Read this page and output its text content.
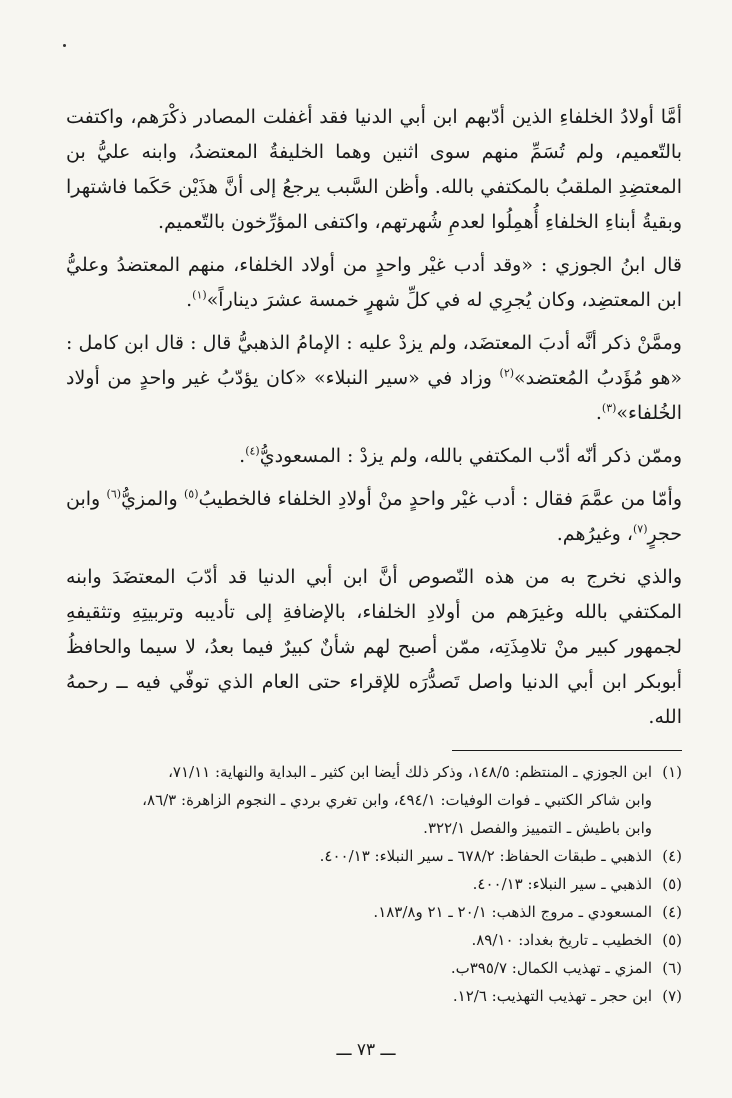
أمَّا أولادُ الخلفاءِ الذين أدّبهم ابن أبي الدنيا فقد أغفلت المصادر ذكْرَهم، واكتفت بالتّعميم، ولم تُسَمِّ منهم سوى اثنين وهما الخليفةُ المعتضدُ، وابنه عليُّ بن المعتضِدِ الملقبُ بالمكتفي بالله. وأظن السَّبب يرجعُ إلى أنَّ هذَيْن حَكَما فاشتهرا وبقيةُ أبناءِ الخلفاءِ أُهمِلُوا لعدمِ شُهرتهم، واكتفى المؤرِّخون بالتّعميم.

قال ابنُ الجوزي : «وقد أدب غيْر واحدٍ من أولاد الخلفاء، منهم المعتضدُ وعليُّ ابن المعتضِد، وكان يُجرِي له في كلِّ شهرٍ خمسة عشرَ ديناراً»$^{(١)}$.

وممَّنْ ذكر أنَّه أدبَ المعتضَد، ولم يزدْ عليه : الإمامُ الذهبيُّ قال : قال ابن كامل : «هو مُؤَدبُ المُعتضد»$^{(٢)}$ وزاد في «سير النبلاء» «كان يؤدّبُ غير واحدٍ من أولاد الخُلفاء»$^{(٣)}$.

وممّن ذكر أنّه أدّب المكتفي بالله، ولم يزدْ : المسعوديُّ$^{(٤)}$.

وأمّا من عمَّمَ فقال : أدب غيْر واحدٍ منْ أولادِ الخلفاء فالخطيبُ$^{(٥)}$ والمزيُّ$^{(٦)}$ وابن حجرٍ$^{(٧)}$، وغيرُهم.

والذي نخرج به من هذه النّصوص أنَّ ابن أبي الدنيا قد أدّبَ المعتضَدَ وابنه المكتفي بالله وغيرَهم من أولادِ الخلفاء، بالإضافةِ إلى تأديبه وتربيتِهِ وتثقيفهِ لجمهور كبير منْ تلامِذَتِه، ممّن أصبح لهم شأنٌ كبيرٌ فيما بعدُ، لا سيما والحافظُ أبوبكر ابن أبي الدنيا واصل تَصدُّرَه للإقراء حتى العام الذي توفّي فيه ــ رحمهُ الله.

(١)ابن الجوزي ـ المنتظم: ١٤٨/٥، وذكر ذلك أيضا ابن كثير ـ البداية والنهاية: ٧١/١١،
وابن شاكر الكتبي ـ فوات الوفيات: ٤٩٤/١، وابن تغري بردي ـ النجوم الزاهرة: ٨٦/٣،
وابن باطيش ـ التمييز والفصل ٣٢٢/١.
(٤)الذهبي ـ طبقات الحفاظ: ٦٧٨/٢ ـ سير النبلاء: ٤٠٠/١٣.
(٥)الذهبي ـ سير النبلاء: ٤٠٠/١٣.
(٤)المسعودي ـ مروج الذهب: ٢٠/١ ـ ٢١ و١٨٣/٨.
(٥)الخطيب ـ تاريخ بغداد: ٨٩/١٠.
(٦)المزي ـ تهذيب الكمال: ٣٩٥/٧ب.
(٧)ابن حجر ـ تهذيب التهذيب: ١٢/٦.
ـــ ٧٣ ـــ
